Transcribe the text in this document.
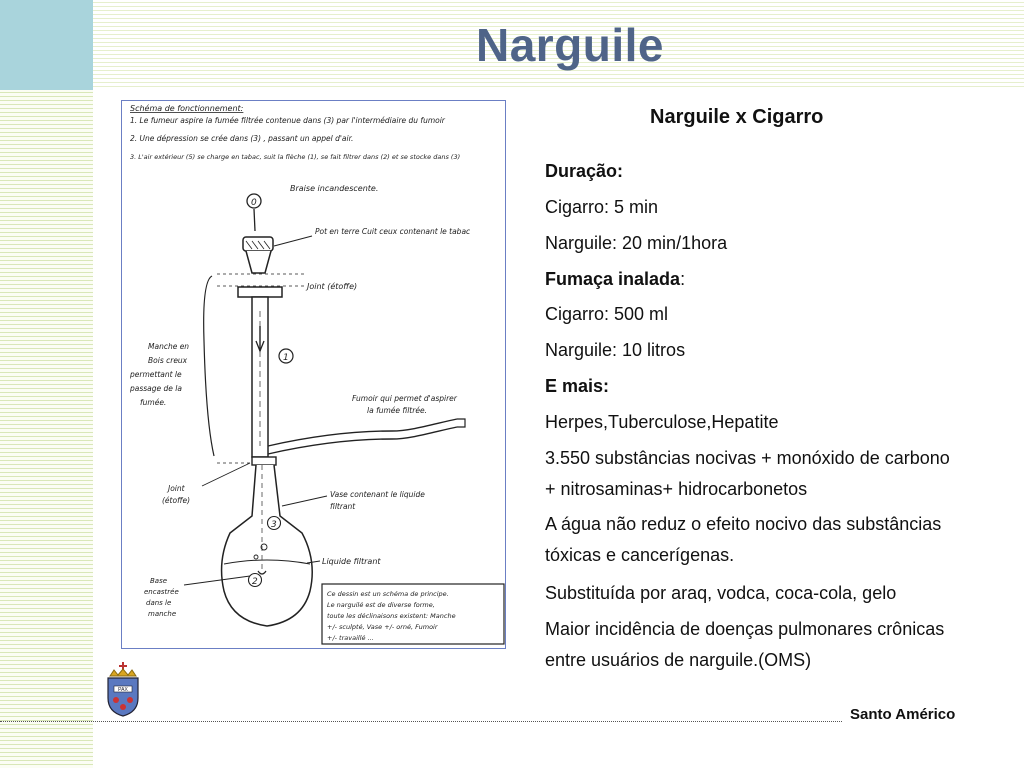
Narguile
Schéma de fonctionnement:
1. Le fumeur aspire la fumée filtrée contenue dans (3) par l'intermédiaire du fumoir
2. Une dépression se crée dans (3) , passant un appel d'air.
3. L'air extérieur (5) se charge en tabac, suit la flèche (1), se fait filtrer dans (2) et se stocke dans (3)
0
Braise incandescente.
Pot en terre Cuit ceux contenant le tabac
Joint (étoffe)
1
Manche en Bois creux permettant le passage de la fumée.	Fumoir qui permet d'aspirer la fumée filtrée.
Joint (étoffe)
3
2
Vase contenant le liquide filtrant
Liquide filtrant
Base encastrée dans le manche
Ce dessin est un schéma de principe. Le narguilé est de diverse forme, toute les déclinaisons existent: Manche +/- sculpté, Vase +/- orné, Fumoir +/- travaillé ...
Narguile x Cigarro
Duração:
Cigarro: 5 min
Narguile: 20 min/1hora
Fumaça inalada:
Cigarro: 500 ml
Narguile: 10 litros
E mais:
Herpes,Tuberculose,Hepatite
3.550 substâncias nocivas + monóxido de carbono + nitrosaminas+ hidrocarbonetos
A água não reduz o efeito nocivo das substâncias tóxicas e cancerígenas.
Substituída por araq, vodca, coca-cola, gelo
Maior incidência de doenças pulmonares crônicas entre usuários de narguile.(OMS)
PAX
Santo Américo
